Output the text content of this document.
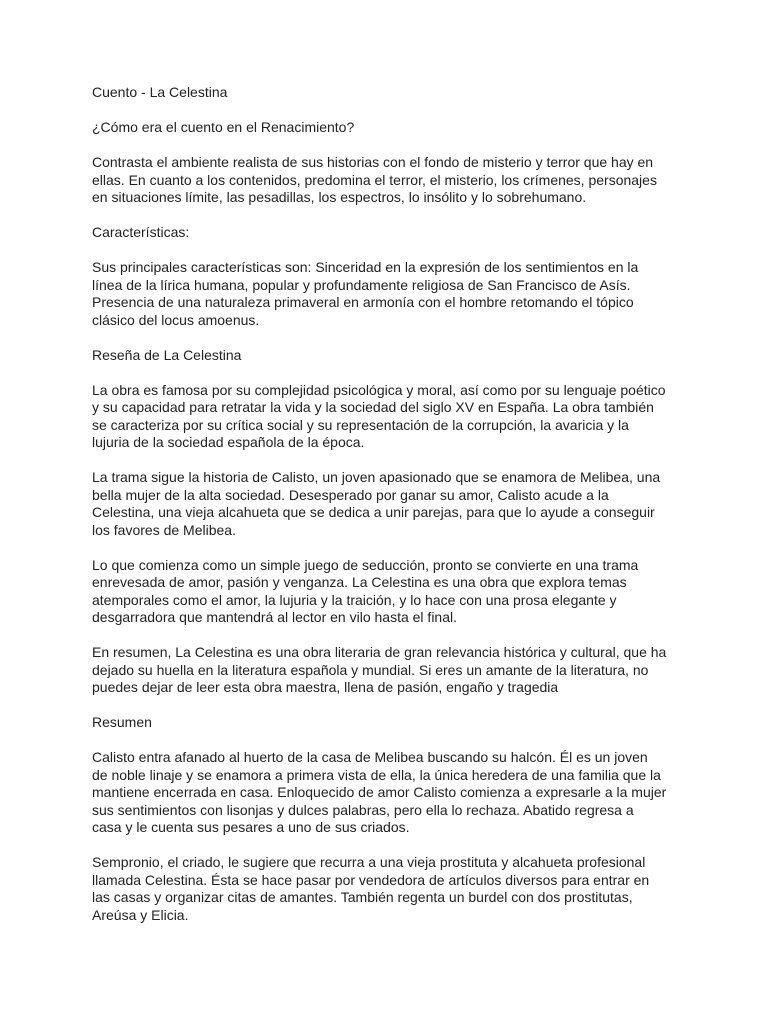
Cuento - La Celestina
¿Cómo era el cuento en el Renacimiento?
Contrasta el ambiente realista de sus historias con el fondo de misterio y terror que hay en
ellas. En cuanto a los contenidos, predomina el terror, el misterio, los crímenes, personajes
en situaciones límite, las pesadillas, los espectros, lo insólito y lo sobrehumano.
Características:
Sus principales características son: Sinceridad en la expresión de los sentimientos en la
línea de la lírica humana, popular y profundamente religiosa de San Francisco de Asís.
Presencia de una naturaleza primaveral en armonía con el hombre retomando el tópico
clásico del locus amoenus.
Reseña de La Celestina
La obra es famosa por su complejidad psicológica y moral, así como por su lenguaje poético
y su capacidad para retratar la vida y la sociedad del siglo XV en España. La obra también
se caracteriza por su crítica social y su representación de la corrupción, la avaricia y la
lujuria de la sociedad española de la época.
La trama sigue la historia de Calisto, un joven apasionado que se enamora de Melibea, una
bella mujer de la alta sociedad. Desesperado por ganar su amor, Calisto acude a la
Celestina, una vieja alcahueta que se dedica a unir parejas, para que lo ayude a conseguir
los favores de Melibea.
Lo que comienza como un simple juego de seducción, pronto se convierte en una trama
enrevesada de amor, pasión y venganza. La Celestina es una obra que explora temas
atemporales como el amor, la lujuria y la traición, y lo hace con una prosa elegante y
desgarradora que mantendrá al lector en vilo hasta el final.
En resumen, La Celestina es una obra literaria de gran relevancia histórica y cultural, que ha
dejado su huella en la literatura española y mundial. Si eres un amante de la literatura, no
puedes dejar de leer esta obra maestra, llena de pasión, engaño y tragedia
Resumen
Calisto entra afanado al huerto de la casa de Melibea buscando su halcón. Él es un joven
de noble linaje y se enamora a primera vista de ella, la única heredera de una familia que la
mantiene encerrada en casa. Enloquecido de amor Calisto comienza a expresarle a la mujer
sus sentimientos con lisonjas y dulces palabras, pero ella lo rechaza. Abatido regresa a
casa y le cuenta sus pesares a uno de sus criados.
Sempronio, el criado, le sugiere que recurra a una vieja prostituta y alcahueta profesional
llamada Celestina. Ésta se hace pasar por vendedora de artículos diversos para entrar en
las casas y organizar citas de amantes. También regenta un burdel con dos prostitutas,
Areúsa y Elicia.
